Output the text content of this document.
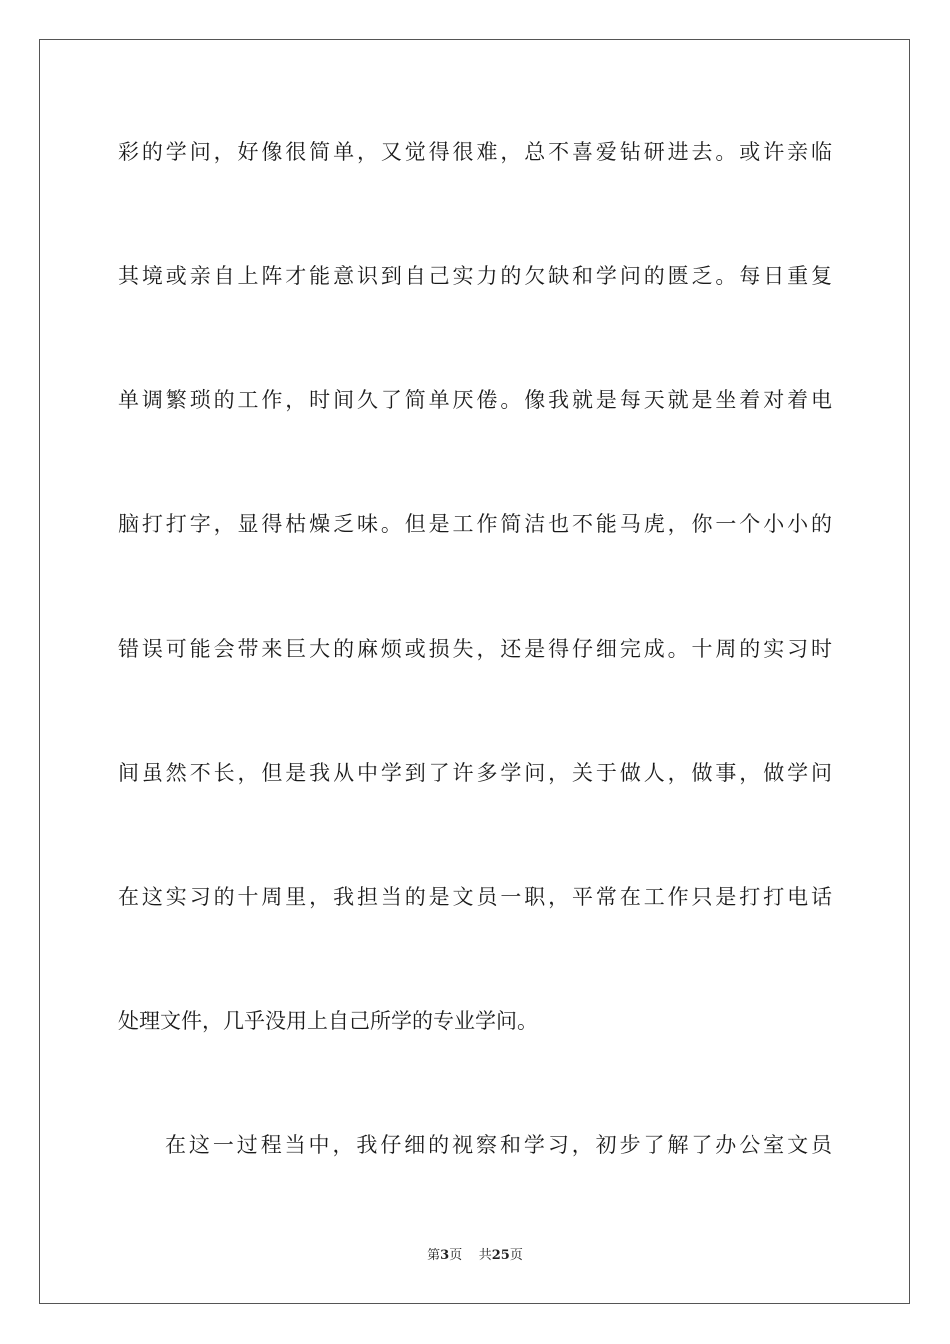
彩的学问，好像很简单，又觉得很难，总不喜爱钻研进去。或许亲临
其境或亲自上阵才能意识到自己实力的欠缺和学问的匮乏。每日重复
单调繁琐的工作，时间久了简单厌倦。像我就是每天就是坐着对着电
脑打打字，显得枯燥乏味。但是工作简洁也不能马虎，你一个小小的
错误可能会带来巨大的麻烦或损失，还是得仔细完成。十周的实习时
间虽然不长，但是我从中学到了许多学问，关于做人，做事，做学问
在这实习的十周里，我担当的是文员一职，平常在工作只是打打电话
处理文件，几乎没用上自己所学的专业学问。
在这一过程当中，我仔细的视察和学习，初步了解了办公室文员
第3页 共25页
